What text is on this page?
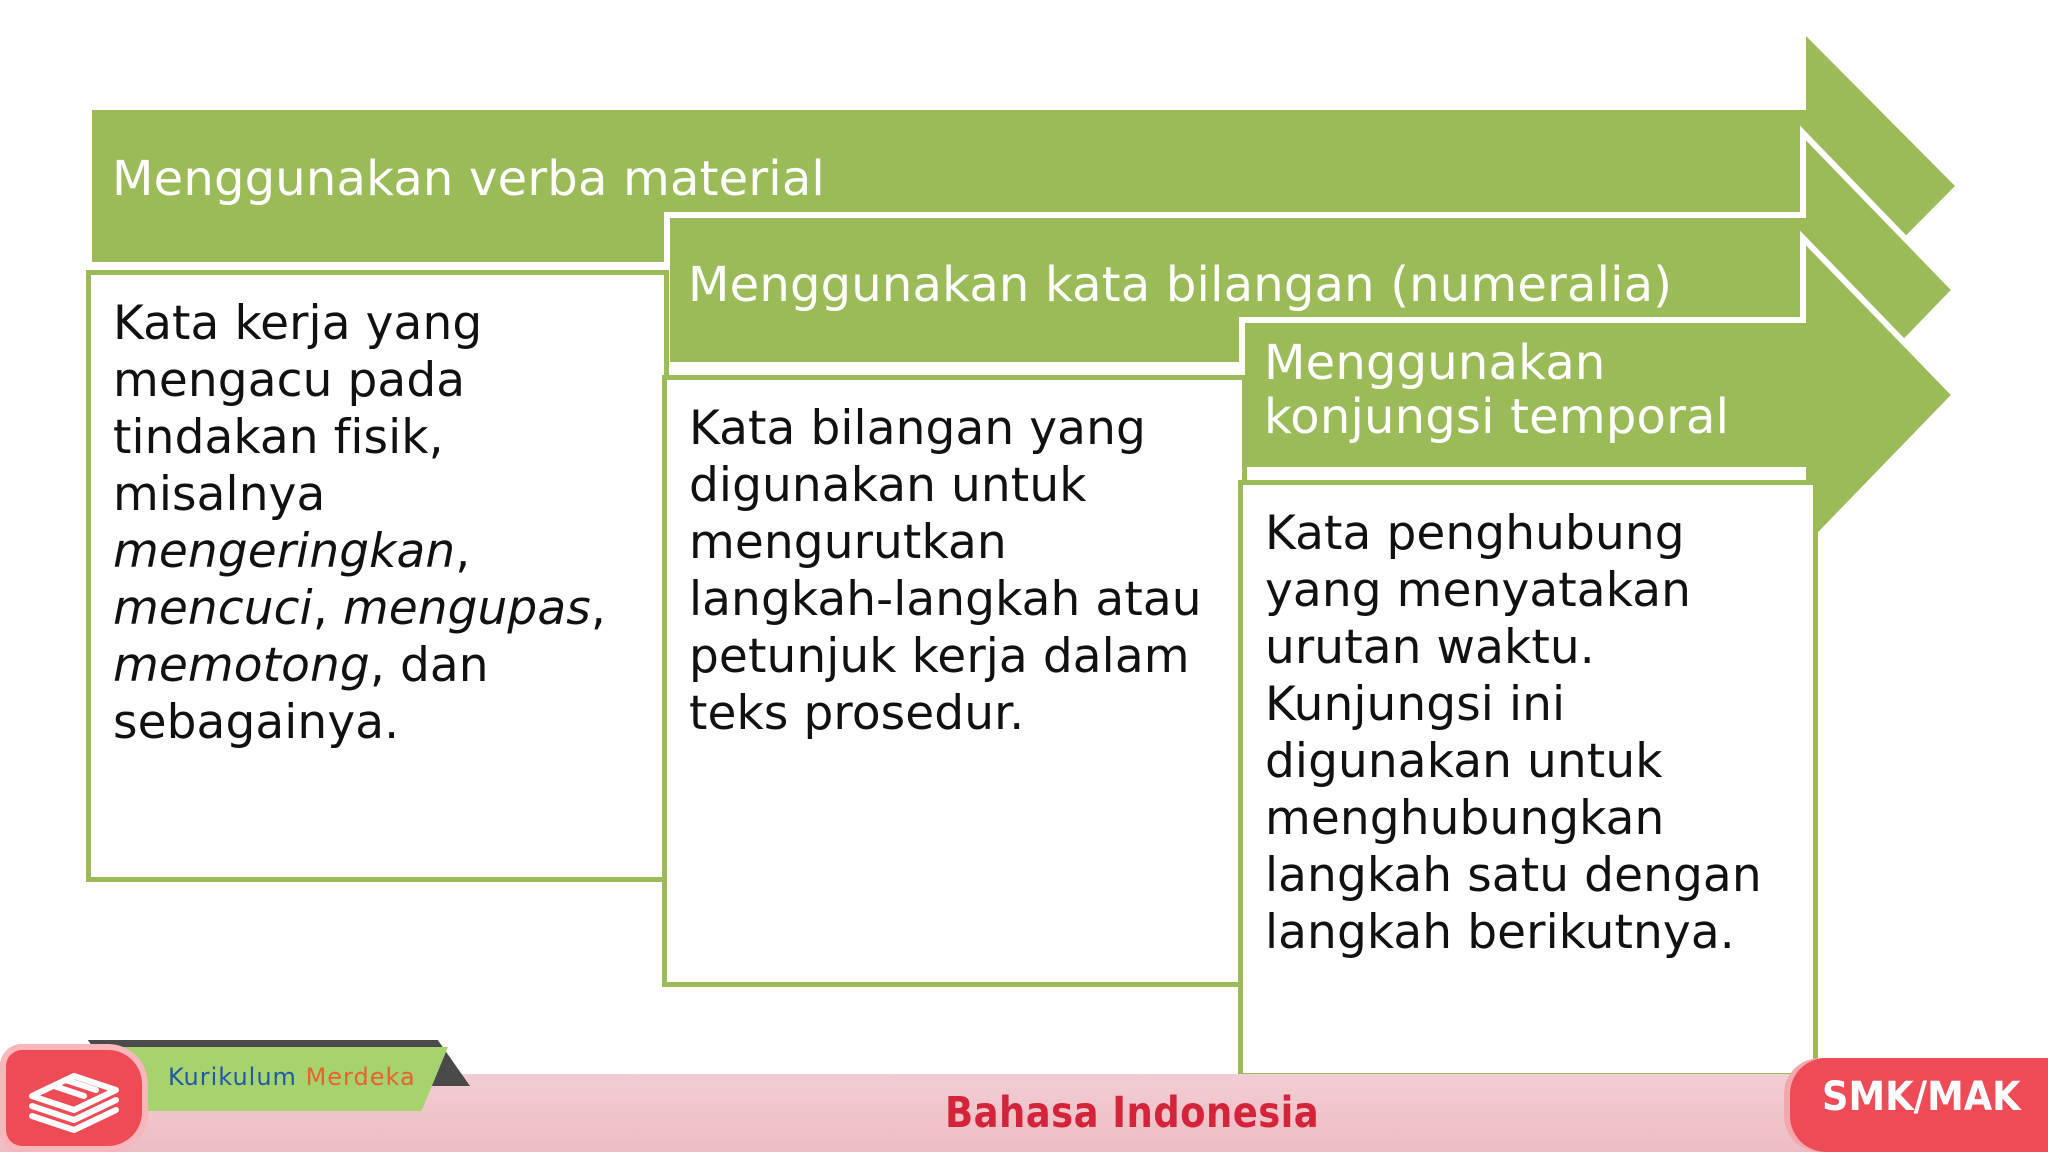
Menggunakan verba material
Kata kerja yang
mengacu pada
tindakan fisik,
misalnya
mengeringkan,
mencuci, mengupas,
memotong, dan
sebagainya.
Menggunakan kata bilangan (numeralia)
Kata bilangan yang digunakan untuk mengurutkan langkah-langkah atau petunjuk kerja dalam teks prosedur.
Menggunakan konjungsi temporal
Kata penghubung yang menyatakan urutan waktu. Kunjungsi ini digunakan untuk menghubungkan langkah satu dengan langkah berikutnya.
Kurikulum Merdeka
Bahasa Indonesia	SMK/MAK
